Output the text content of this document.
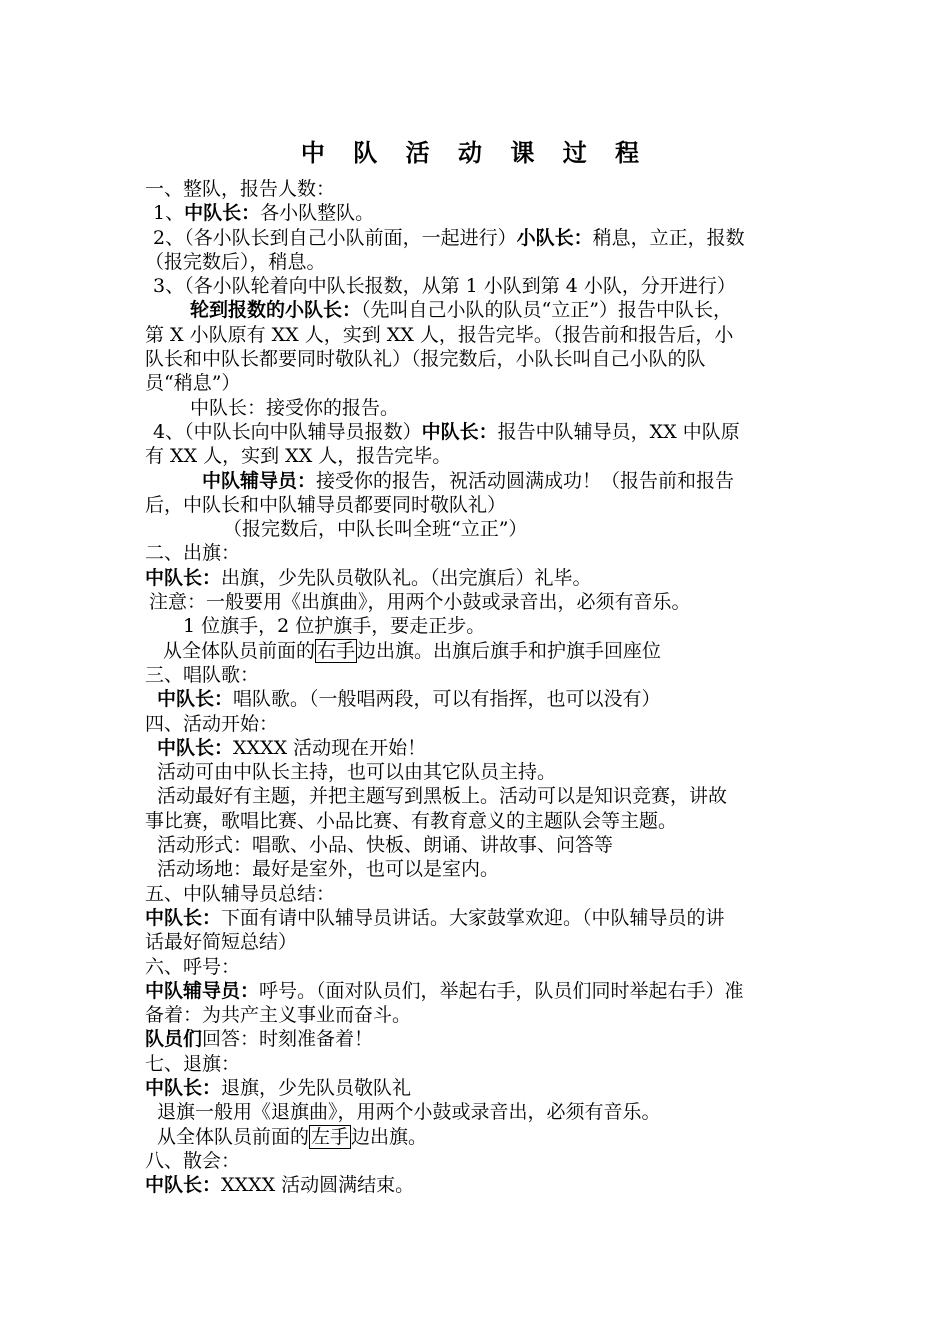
中 队 活 动 课 过 程
一、整队，报告人数：
1、中队长：各小队整队。
2、（各小队长到自己小队前面，一起进行）小队长：稍息，立正，报数
（报完数后），稍息。
3、（各小队轮着向中队长报数，从第 1 小队到第 4 小队，分开进行）
轮到报数的小队长：（先叫自己小队的队员“立正”）报告中队长，
第 X 小队原有 XX 人，实到 XX 人，报告完毕。（报告前和报告后，小
队长和中队长都要同时敬队礼）（报完数后，小队长叫自己小队的队
员“稍息”）
中队长：接受你的报告。
4、（中队长向中队辅导员报数）中队长：报告中队辅导员，XX 中队原
有 XX 人，实到 XX 人，报告完毕。
中队辅导员：接受你的报告，祝活动圆满成功！（报告前和报告
后，中队长和中队辅导员都要同时敬队礼）
（报完数后，中队长叫全班“立正”）
二、出旗：
中队长：出旗，少先队员敬队礼。（出完旗后）礼毕。
注意：一般要用《出旗曲》，用两个小鼓或录音出，必须有音乐。
1 位旗手，2 位护旗手，要走正步。
从全体队员前面的 右手 边出旗。出旗后旗手和护旗手回座位
三、唱队歌：
中队长：唱队歌。（一般唱两段，可以有指挥，也可以没有）
四、活动开始：
中队长：XXXX 活动现在开始！
活动可由中队长主持，也可以由其它队员主持。
活动最好有主题，并把主题写到黑板上。活动可以是知识竞赛，讲故
事比赛，歌唱比赛、小品比赛、有教育意义的主题队会等主题。
活动形式：唱歌、小品、快板、朗诵、讲故事、问答等
活动场地：最好是室外，也可以是室内。
五、中队辅导员总结：
中队长：下面有请中队辅导员讲话。大家鼓掌欢迎。（中队辅导员的讲
话最好简短总结）
六、呼号：
中队辅导员：呼号。（面对队员们，举起右手，队员们同时举起右手）准
备着：为共产主义事业而奋斗。
队员们回答：时刻准备着！
七、退旗：
中队长：退旗，少先队员敬队礼
退旗一般用《退旗曲》，用两个小鼓或录音出，必须有音乐。
从全体队员前面的 左手 边出旗。
八、散会：
中队长：XXXX 活动圆满结束。
